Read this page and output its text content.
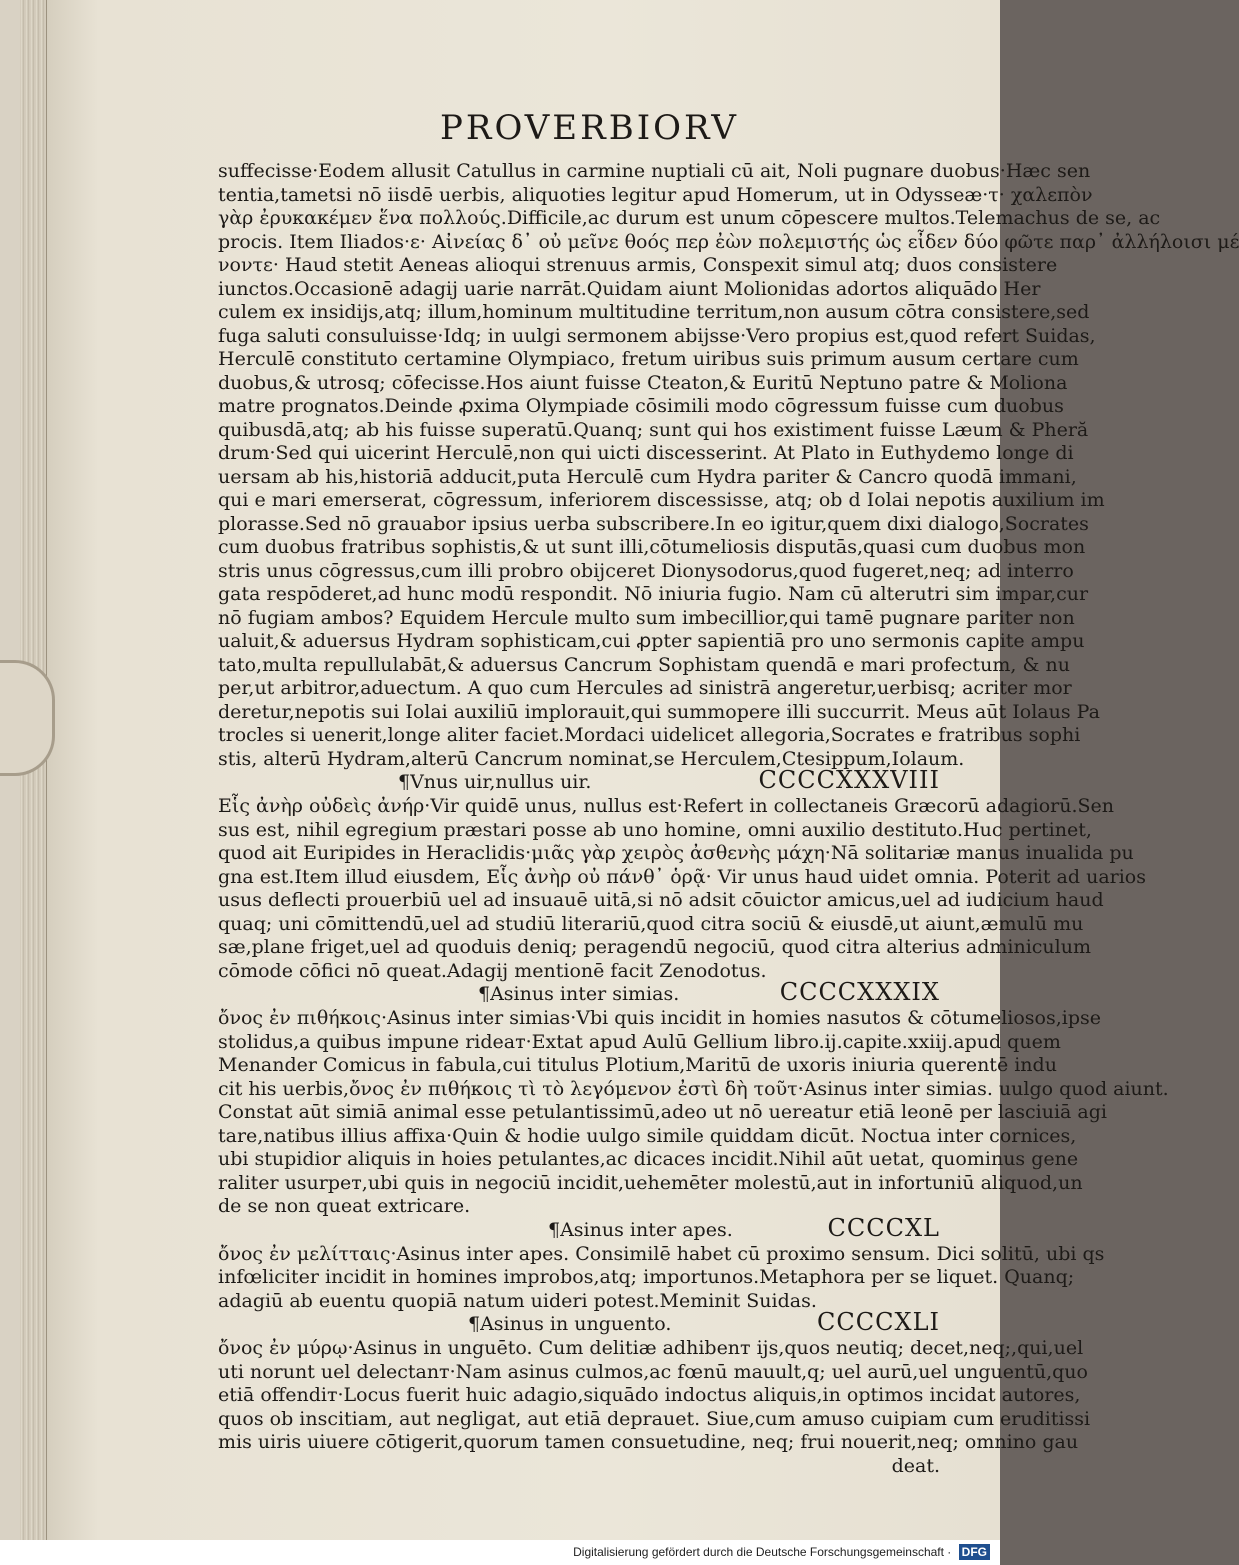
PROVERBIORV
suffecisse·Eodem allusit Catullus in carmine nuptiali cū ait, Noli pugnare duobus·Hæc sen
tentia,tametsi nō iisdē uerbis, aliquoties legitur apud Homerum, ut in Odysseæ·τ· χαλεπὸν
γὰρ ἐρυκακέμεν ἕνα πολλούς.Difficile,ac durum est unum cōpescere multos.Telemachus de se, ac
procis. Item Iliados·ε· Αἰνείας δ᾽ οὐ μεῖνε θοός περ ἐὼν πολεμιστής ὡς εἶδεν δύο φῶτε παρ᾽ ἀλλήλοισι μέ
νοντε· Haud stetit Aeneas alioqui strenuus armis, Conspexit simul atq; duos consistere
iunctos.Occasionē adagij uarie narrāt.Quidam aiunt Molionidas adortos aliquādo Her
culem ex insidijs,atq; illum,hominum multitudine territum,non ausum cōtra consistere,sed
fuga saluti consuluisse·Idq; in uulgi sermonem abijsse·Vero propius est,quod refert Suidas,
Herculē constituto certamine Olympiaco, fretum uiribus suis primum ausum certare cum
duobus,& utrosq; cōfecisse.Hos aiunt fuisse Cteaton,& Euritū Neptuno patre & Moliona
matre prognatos.Deinde ꝓxima Olympiade cōsimili modo cōgressum fuisse cum duobus
quibusdā,atq; ab his fuisse superatū.Quanq; sunt qui hos existiment fuisse Læum & Pheră
drum·Sed qui uicerint Herculē,non qui uicti discesserint. At Plato in Euthydemo longe di
uersam ab his,historiā adducit,puta Herculē cum Hydra pariter & Cancro quodā immani,
qui e mari emerserat, cōgressum, inferiorem discessisse, atq; ob d Iolai nepotis auxilium im
plorasse.Sed nō grauabor ipsius uerba subscribere.In eo igitur,quem dixi dialogo,Socrates
cum duobus fratribus sophistis,& ut sunt illi,cōtumeliosis disputās,quasi cum duobus mon
stris unus cōgressus,cum illi probro obijceret Dionysodorus,quod fugeret,neq; ad interro
gata respōderet,ad hunc modū respondit. Nō iniuria fugio. Nam cū alterutri sim impar,cur
nō fugiam ambos? Equidem Hercule multo sum imbecillior,qui tamē pugnare pariter non
ualuit,& aduersus Hydram sophisticam,cui ꝓpter sapientiā pro uno sermonis capite ampu
tato,multa repullulabāt,& aduersus Cancrum Sophistam quendā e mari profectum, & nu
per,ut arbitror,aduectum. A quo cum Hercules ad sinistrā angeretur,uerbisq; acriter mor
deretur,nepotis sui Iolai auxiliū implorauit,qui summopere illi succurrit. Meus aūt Iolaus Pa
trocles si uenerit,longe aliter faciet.Mordaci uidelicet allegoria,Socrates e fratribus sophi
stis, alterū Hydram,alterū Cancrum nominat,se Herculem,Ctesippum,Iolaum.
¶Vnus uir,nullus uir.	CCCCXXXVIII
Εἷς ἀνὴρ οὐδεὶς ἀνήρ·Vir quidē unus, nullus est·Refert in collectaneis Græcorū adagiorū.Sen
sus est, nihil egregium præstari posse ab uno homine, omni auxilio destituto.Huc pertinet,
quod ait Euripides in Heraclidis·μιᾶς γὰρ χειρὸς ἀσθενὴς μάχη·Nā solitariæ manus inualida pu
gna est.Item illud eiusdem, Εἷς ἀνὴρ οὐ πάνθ᾽ ὁρᾷ· Vir unus haud uidet omnia. Poterit ad uarios
usus deflecti prouerbiū uel ad insuauē uitā,si nō adsit cōuictor amicus,uel ad iudicium haud
quaq; uni cōmittendū,uel ad studiū literariū,quod citra sociū & eiusdē,ut aiunt,æmulū mu
sæ,plane friget,uel ad quoduis deniq; peragendū negociū, quod citra alterius adminiculum
cōmode cōfici nō queat.Adagij mentionē facit Zenodotus.
¶Asinus inter simias.	CCCCXXXIX
ὄνος ἐν πιθήκοις·Asinus inter simias·Vbi quis incidit in homies nasutos & cōtumeliosos,ipse
stolidus,a quibus impune rideaт·Extat apud Aulū Gellium libro.ij.capite.xxiij.apud quem
Menander Comicus in fabula,cui titulus Plotium,Maritū de uxoris iniuria querentē indu
cit his uerbis,ὄνος ἐν πιθήκοις τὶ τὸ λεγόμενον ἐστὶ δὴ τοῦτ·Asinus inter simias. uulgo quod aiunt.
Constat aūt simiā animal esse petulantissimū,adeo ut nō uereatur etiā leonē per lasciuiā agi
tare,natibus illius affixa·Quin & hodie uulgo simile quiddam dicūt. Noctua inter cornices,
ubi stupidior aliquis in hoies petulantes,ac dicaces incidit.Nihil aūt uetat, quominus gene
raliter usurpeт,ubi quis in negociū incidit,uehemēter molestū,aut in infortuniū aliquod,un
de se non queat extricare.
¶Asinus inter apes.	CCCCXL
ὄνος ἐν μελίτταις·Asinus inter apes. Consimilē habet cū proximo sensum. Dici solitū, ubi qs
infœliciter incidit in homines improbos,atq; importunos.Metaphora per se liquet. Quanq;
adagiū ab euentu quopiā natum uideri potest.Meminit Suidas.
¶Asinus in unguento.	CCCCXLI
ὄνος ἐν μύρῳ·Asinus in unguēto. Cum delitiæ adhibenт ijs,quos neutiq; decet,neq;,qui,uel
uti norunt uel delectanт·Nam asinus culmos,ac fœnū mauult,q; uel aurū,uel unguentū,quo
etiā offendiт·Locus fuerit huic adagio,siquādo indoctus aliquis,in optimos incidat autores,
quos ob inscitiam, aut negligat, aut etiā deprauet. Siue,cum amuso cuipiam cum eruditissi
mis uiris uiuere cōtigerit,quorum tamen consuetudine, neq; frui nouerit,neq; omnino gau
deat.
Digitalisierung gefördert durch die Deutsche Forschungsgemeinschaft · DFG
